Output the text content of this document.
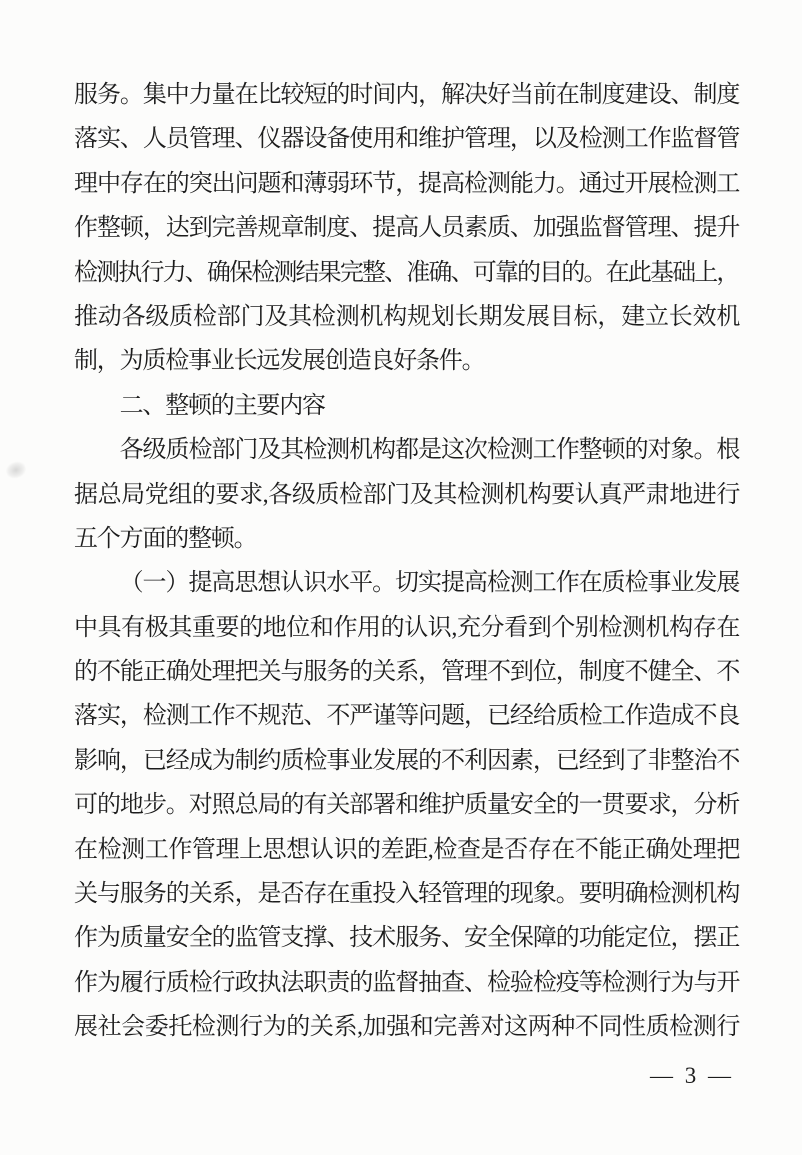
服务。集中力量在比较短的时间内，解决好当前在制度建设、制度
落实、人员管理、仪器设备使用和维护管理，以及检测工作监督管
理中存在的突出问题和薄弱环节，提高检测能力。通过开展检测工
作整顿，达到完善规章制度、提高人员素质、加强监督管理、提升
检测执行力、确保检测结果完整、准确、可靠的目的。在此基础上，
推动各级质检部门及其检测机构规划长期发展目标，建立长效机
制，为质检事业长远发展创造良好条件。
二、整顿的主要内容
各级质检部门及其检测机构都是这次检测工作整顿的对象。根
据总局党组的要求,各级质检部门及其检测机构要认真严肃地进行
五个方面的整顿。
（一）提高思想认识水平。切实提高检测工作在质检事业发展
中具有极其重要的地位和作用的认识,充分看到个别检测机构存在
的不能正确处理把关与服务的关系，管理不到位，制度不健全、不
落实，检测工作不规范、不严谨等问题，已经给质检工作造成不良
影响，已经成为制约质检事业发展的不利因素，已经到了非整治不
可的地步。对照总局的有关部署和维护质量安全的一贯要求，分析
在检测工作管理上思想认识的差距,检查是否存在不能正确处理把
关与服务的关系，是否存在重投入轻管理的现象。要明确检测机构
作为质量安全的监管支撑、技术服务、安全保障的功能定位，摆正
作为履行质检行政执法职责的监督抽查、检验检疫等检测行为与开
展社会委托检测行为的关系,加强和完善对这两种不同性质检测行
— 3 —
